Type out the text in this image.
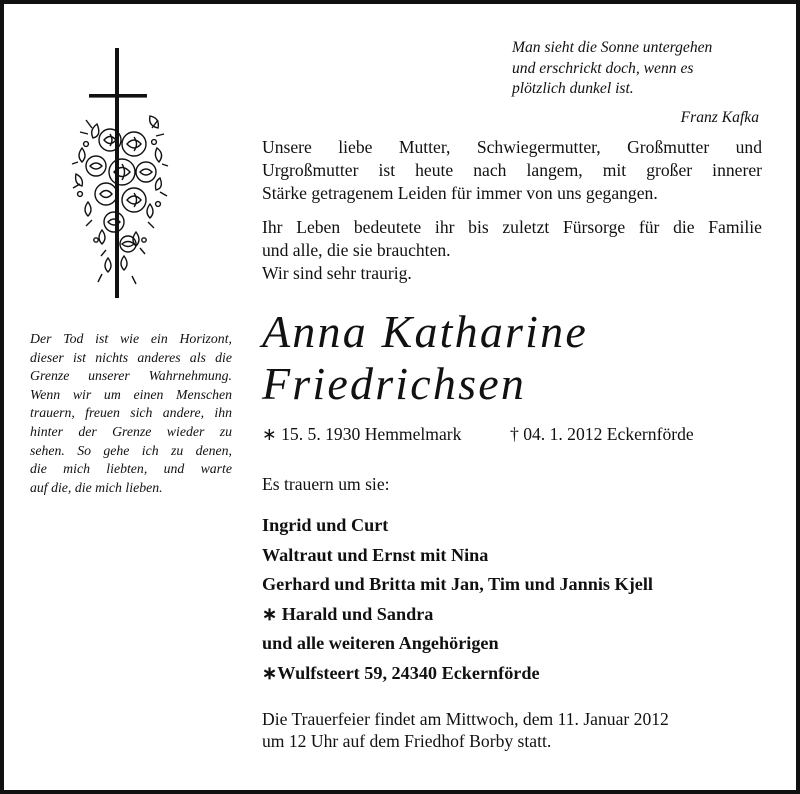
Man sieht die Sonne untergehen
und erschrickt doch, wenn es
plötzlich dunkel ist.
Franz Kafka
Unsere liebe Mutter, Schwiegermutter, Großmutter und
Urgroßmutter ist heute nach langem, mit großer innerer
Stärke getragenem Leiden für immer von uns gegangen.
Ihr Leben bedeutete ihr bis zuletzt Fürsorge für die Familie
und alle, die sie brauchten.
Wir sind sehr traurig.
Der Tod ist wie ein Horizont,
dieser ist nichts anderes als die
Grenze unserer Wahrnehmung.
Wenn wir um einen Menschen
trauern, freuen sich andere, ihn
hinter der Grenze wieder zu
sehen. So gehe ich zu denen,
die mich liebten, und warte
auf die, die mich lieben.
Anna Katharine
Friedrichsen
∗ 15. 5. 1930 Hemmelmark	† 04. 1. 2012 Eckernförde
Es trauern um sie:
Ingrid und Curt
Waltraut und Ernst mit Nina
Gerhard und Britta mit Jan, Tim und Jannis Kjell
∗ Harald und Sandra
und alle weiteren Angehörigen
∗Wulfsteert 59, 24340 Eckernförde
Die Trauerfeier findet am Mittwoch, dem 11. Januar 2012
um 12 Uhr auf dem Friedhof Borby statt.
